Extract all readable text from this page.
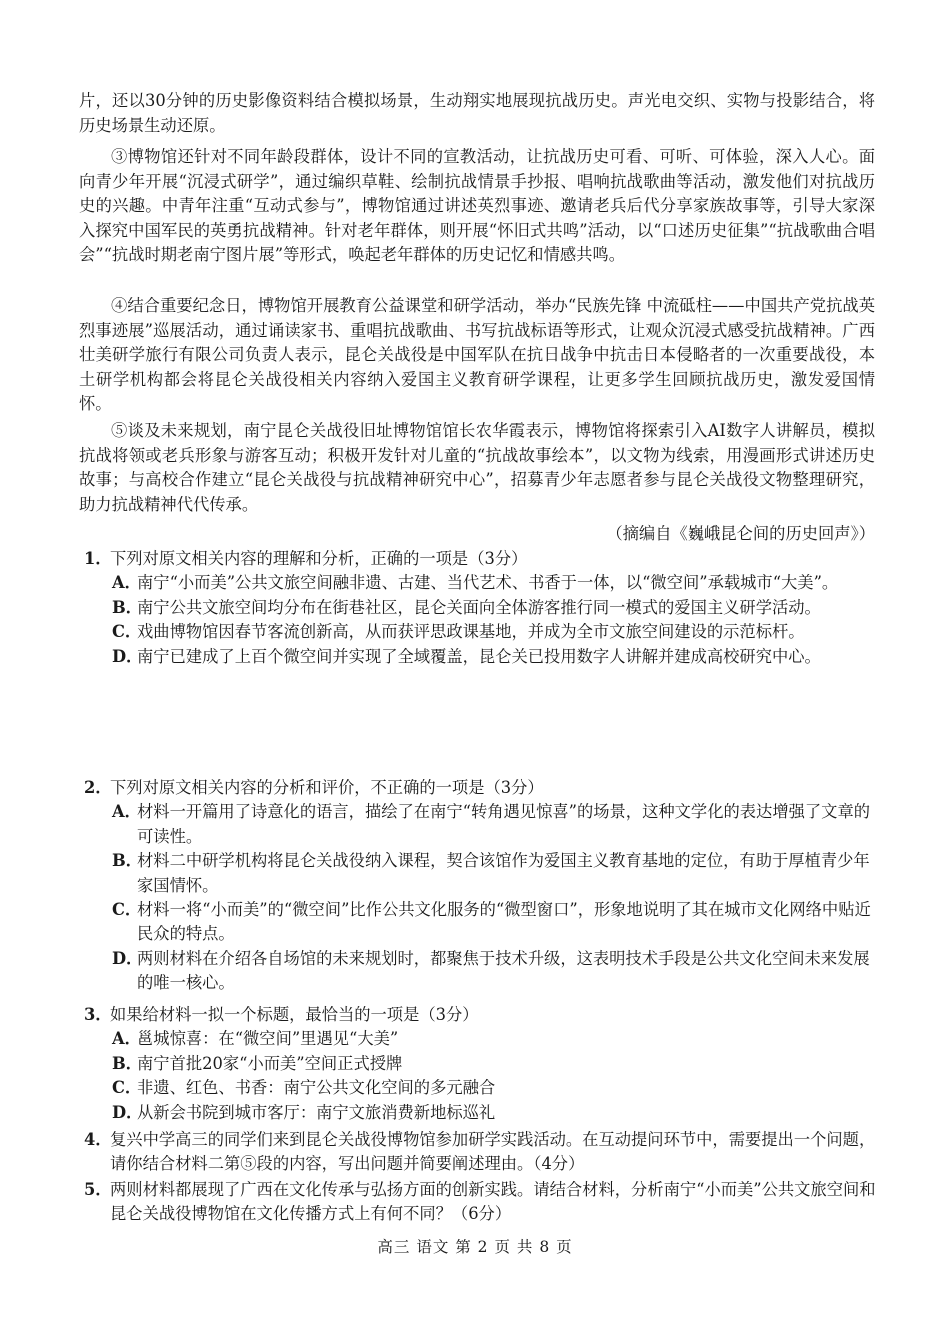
片，还以30分钟的历史影像资料结合模拟场景，生动翔实地展现抗战历史。声光电交织、实物与投影结合，将历史场景生动还原。

③博物馆还针对不同年龄段群体，设计不同的宣教活动，让抗战历史可看、可听、可体验，深入人心。面向青少年开展“沉浸式研学”，通过编织草鞋、绘制抗战情景手抄报、唱响抗战歌曲等活动，激发他们对抗战历史的兴趣。中青年注重“互动式参与”，博物馆通过讲述英烈事迹、邀请老兵后代分享家族故事等，引导大家深入探究中国军民的英勇抗战精神。针对老年群体，则开展“怀旧式共鸣”活动，以“口述历史征集”“抗战歌曲合唱会”“抗战时期老南宁图片展”等形式，唤起老年群体的历史记忆和情感共鸣。

④结合重要纪念日，博物馆开展教育公益课堂和研学活动，举办“民族先锋 中流砥柱——中国共产党抗战英烈事迹展”巡展活动，通过诵读家书、重唱抗战歌曲、书写抗战标语等形式，让观众沉浸式感受抗战精神。广西壮美研学旅行有限公司负责人表示，昆仑关战役是中国军队在抗日战争中抗击日本侵略者的一次重要战役，本土研学机构都会将昆仑关战役相关内容纳入爱国主义教育研学课程，让更多学生回顾抗战历史，激发爱国情怀。

⑤谈及未来规划，南宁昆仑关战役旧址博物馆馆长农华霞表示，博物馆将探索引入AI数字人讲解员，模拟抗战将领或老兵形象与游客互动；积极开发针对儿童的“抗战故事绘本”，以文物为线索，用漫画形式讲述历史故事；与高校合作建立“昆仑关战役与抗战精神研究中心”，招募青少年志愿者参与昆仑关战役文物整理研究，助力抗战精神代代传承。

（摘编自《巍峨昆仑间的历史回声》）
1．
下列对原文相关内容的理解和分析，正确的一项是（3分）
A．
南宁“小而美”公共文旅空间融非遗、古建、当代艺术、书香于一体，以“微空间”承载城市“大美”。
B．
南宁公共文旅空间均分布在街巷社区，昆仑关面向全体游客推行同一模式的爱国主义研学活动。
C．
戏曲博物馆因春节客流创新高，从而获评思政课基地，并成为全市文旅空间建设的示范标杆。
D．
南宁已建成了上百个微空间并实现了全域覆盖，昆仑关已投用数字人讲解并建成高校研究中心。
2．
下列对原文相关内容的分析和评价，不正确的一项是（3分）
A．
材料一开篇用了诗意化的语言，描绘了在南宁“转角遇见惊喜”的场景，这种文学化的表达增强了文章的可读性。
B．
材料二中研学机构将昆仑关战役纳入课程，契合该馆作为爱国主义教育基地的定位，有助于厚植青少年家国情怀。
C．
材料一将“小而美”的“微空间”比作公共文化服务的“微型窗口”，形象地说明了其在城市文化网络中贴近民众的特点。
D．
两则材料在介绍各自场馆的未来规划时，都聚焦于技术升级，这表明技术手段是公共文化空间未来发展的唯一核心。
3．
如果给材料一拟一个标题，最恰当的一项是（3分）
A．
邕城惊喜：在“微空间”里遇见“大美”
B．
南宁首批20家“小而美”空间正式授牌
C．
非遗、红色、书香：南宁公共文化空间的多元融合
D．
从新会书院到城市客厅：南宁文旅消费新地标巡礼
4．
复兴中学高三的同学们来到昆仑关战役博物馆参加研学实践活动。在互动提问环节中，需要提出一个问题，请你结合材料二第⑤段的内容，写出问题并简要阐述理由。（4分）
5．
两则材料都展现了广西在文化传承与弘扬方面的创新实践。请结合材料，分析南宁“小而美”公共文旅空间和昆仑关战役博物馆在文化传播方式上有何不同？（6分）
高三 语文 第 2 页 共 8 页
